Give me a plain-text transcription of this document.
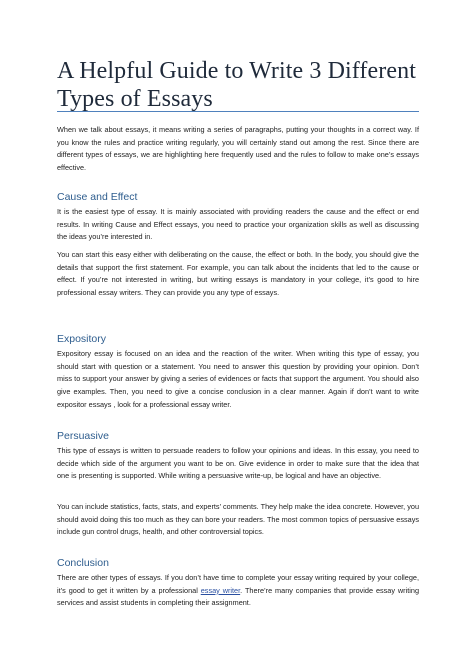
A Helpful Guide to Write 3 Different Types of Essays

When we talk about essays, it means writing a series of paragraphs, putting your thoughts in a correct way. If you know the rules and practice writing regularly, you will certainly stand out among the rest. Since there are different types of essays, we are highlighting here frequently used and the rules to follow to make one’s essays effective.

Cause and Effect

It is the easiest type of essay. It is mainly associated with providing readers the cause and the effect or end results. In writing Cause and Effect essays, you need to practice your organization skills as well as discussing the ideas you’re interested in.

You can start this easy either with deliberating on the cause, the effect or both. In the body, you should give the details that support the first statement. For example, you can talk about the incidents that led to the cause or effect. If you’re not interested in writing, but writing essays is mandatory in your college, it’s good to hire professional essay writers. They can provide you any type of essays.

Expository

Expository essay is focused on an idea and the reaction of the writer. When writing this type of essay, you should start with question or a statement. You need to answer this question by providing your opinion. Don’t miss to support your answer by giving a series of evidences or facts that support the argument. You should also give examples. Then, you need to give a concise conclusion in a clear manner. Again if don’t want to write expositor essays , look for a professional essay writer.

Persuasive

This type of essays is written to persuade readers to follow your opinions and ideas. In this essay, you need to decide which side of the argument you want to be on. Give evidence in order to make sure that the idea that one is presenting is supported. While writing a persuasive write-up, be logical and have an objective.

You can include statistics, facts, stats, and experts' comments. They help make the idea concrete. However, you should avoid doing this too much as they can bore your readers. The most common topics of persuasive essays include gun control drugs, health, and other controversial topics.

Conclusion

There are other types of essays. If you don’t have time to complete your essay writing required by your college, it’s good to get it written by a professional essay writer. There’re many companies that provide essay writing services and assist students in completing their assignment.
